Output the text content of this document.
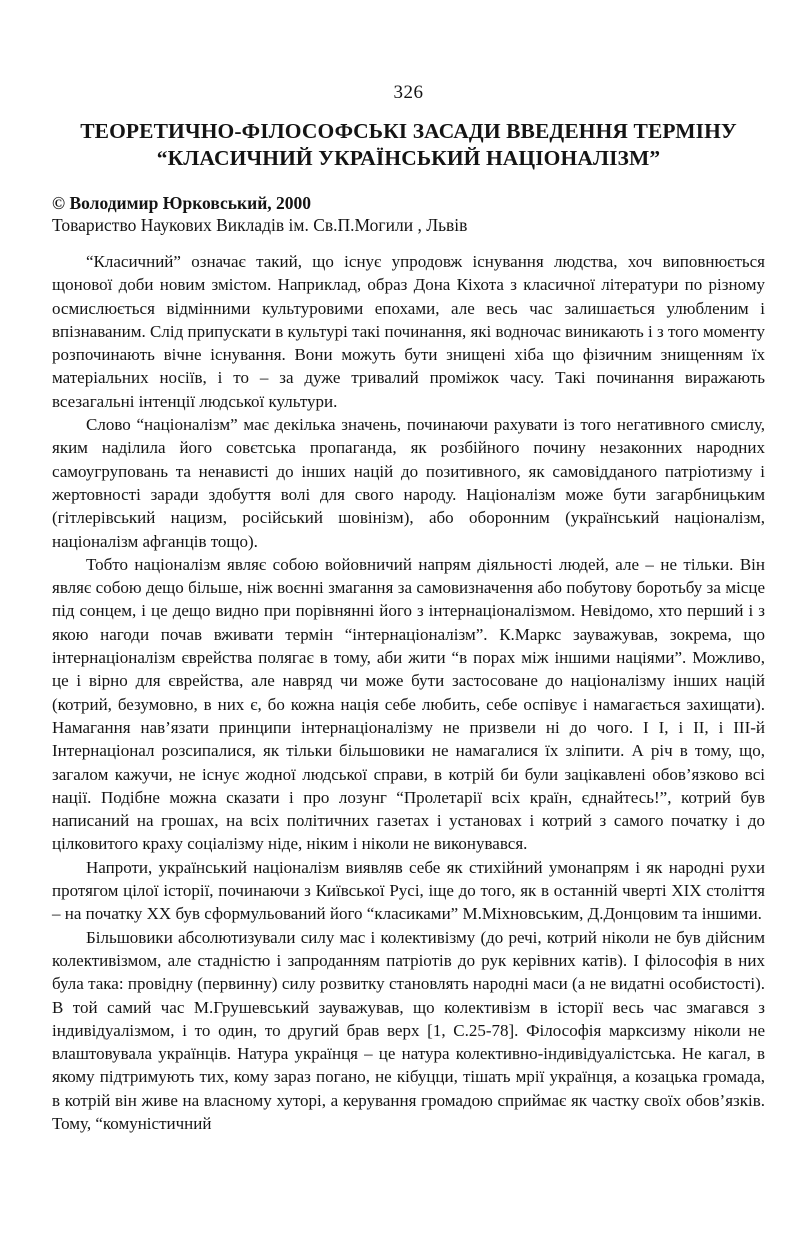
326
ТЕОРЕТИЧНО-ФІЛОСОФСЬКІ ЗАСАДИ ВВЕДЕННЯ ТЕРМІНУ
“КЛАСИЧНИЙ УКРАЇНСЬКИЙ НАЦІОНАЛІЗМ”

© Володимир Юрковський, 2000

Товариство Наукових Викладів ім. Св.П.Могили , Львів

“Класичний” означає такий, що існує упродовж існування людства, хоч виповнюється щонової доби новим змістом. Наприклад, образ Дона Кіхота з класичної літератури по різному осмислюється відмінними культуровими епохами, але весь час залишається улюбленим і впізнаваним. Слід припускати в культурі такі починання, які водночас виникають і з того моменту розпочинають вічне існування. Вони можуть бути знищені хіба що фізичним знищенням їх матеріальних носіїв, і то – за дуже тривалий проміжок часу. Такі починання виражають всезагальні інтенції людської культури.

Слово “націоналізм” має декілька значень, починаючи рахувати із того негативного смислу, яким наділила його совєтська пропаганда, як розбійного почину незаконних народних самоугруповань та ненависті до інших націй до позитивного, як самовідданого патріотизму і жертовності заради здобуття волі для свого народу. Націоналізм може бути загарбницьким (гітлерівський нацизм, російський шовінізм), або оборонним (український націоналізм, націоналізм афганців тощо).

Тобто націоналізм являє собою войовничий напрям діяльності людей, але – не тільки. Він являє собою дещо більше, ніж воєнні змагання за самовизначення або побутову боротьбу за місце під сонцем, і це дещо видно при порівнянні його з інтернаціоналізмом. Невідомо, хто перший і з якою нагоди почав вживати термін “інтернаціоналізм”. К.Маркс зауважував, зокрема, що інтернаціоналізм єврейства полягає в тому, аби жити “в порах між іншими націями”. Можливо, це і вірно для єврейства, але навряд чи може бути застосоване до націоналізму інших націй (котрий, безумовно, в них є, бо кожна нація себе любить, себе оспівує і намагається захищати). Намагання нав’язати принципи інтернаціоналізму не призвели ні до чого. І I, і II, і III-й Інтернаціонал розсипалися, як тільки більшовики не намагалися їх зліпити. А річ в тому, що, загалом кажучи, не існує жодної людської справи, в котрій би були зацікавлені обов’язково всі нації. Подібне можна сказати і про лозунг “Пролетарії всіх країн, єднайтесь!”, котрий був написаний на грошах, на всіх політичних газетах і установах і котрий з самого початку і до цілковитого краху соціалізму ніде, ніким і ніколи не виконувався.

Напроти, український націоналізм виявляв себе як стихійний умонапрям і як народні рухи протягом цілої історії, починаючи з Київської Русі, іще до того, як в останній чверті XIX століття – на початку XX був сформульований його “класиками” М.Міхновським, Д.Донцовим та іншими.

Більшовики абсолютизували силу мас і колективізму (до речі, котрий ніколи не був дійсним колективізмом, але стадністю і запроданням патріотів до рук керівних катів). І філософія в них була така: провідну (первинну) силу розвитку становлять народні маси (а не видатні особистості). В той самий час М.Грушевський зауважував, що колективізм в історії весь час змагався з індивідуалізмом, і то один, то другий брав верх [1, С.25-78]. Філософія марксизму ніколи не влаштовувала українців. Натура українця – це натура колективно-індивідуалістська. Не кагал, в якому підтримують тих, кому зараз погано, не кібуцци, тішать мрії українця, а козацька громада, в котрій він живе на власному хуторі, а керування громадою сприймає як частку своїх обов’язків. Тому, “комуністичний
